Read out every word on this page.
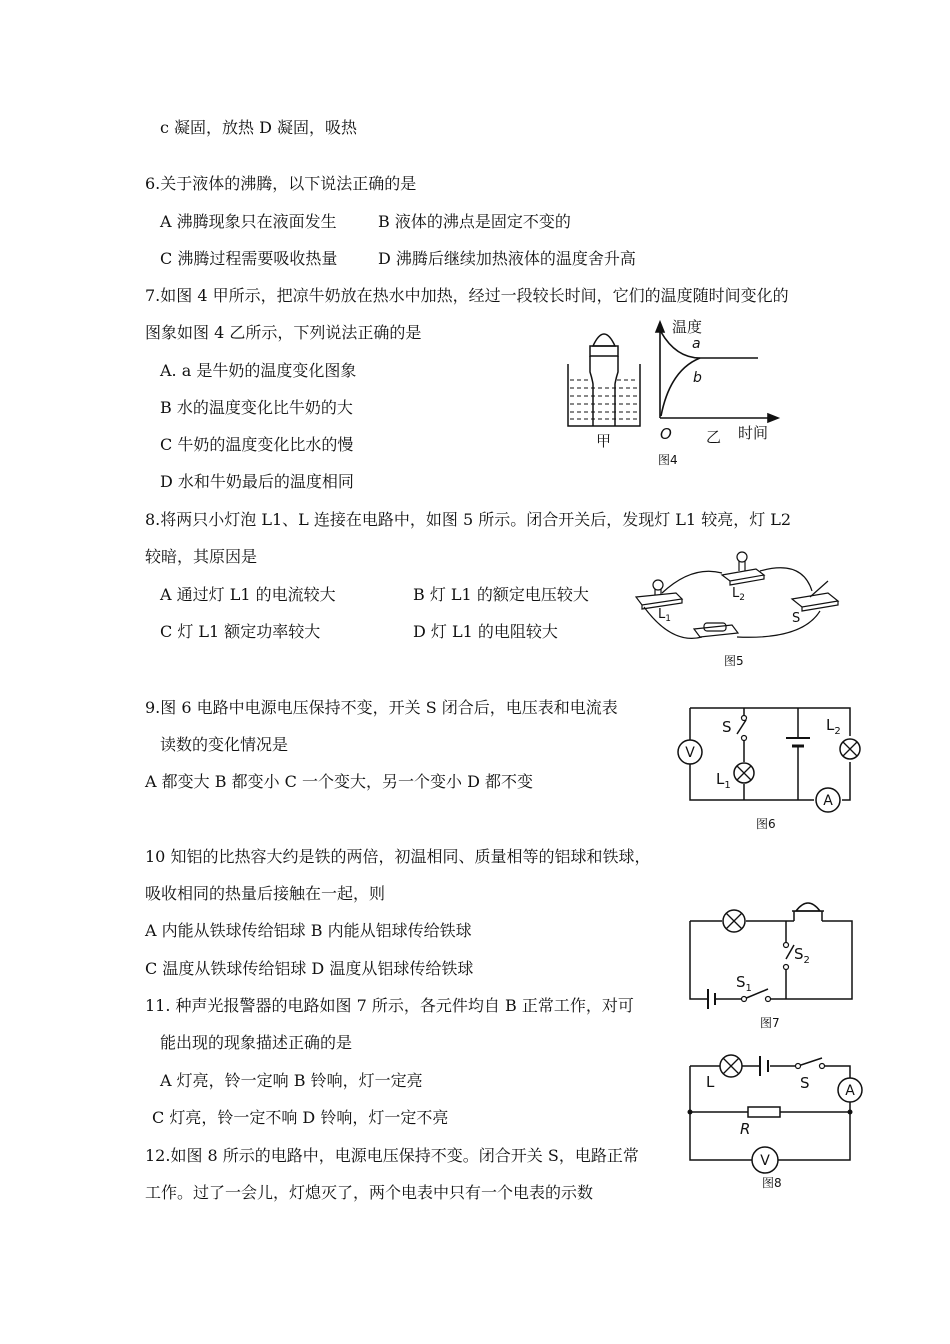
c 凝固，放热 D 凝固，吸热
6.关于液体的沸腾，以下说法正确的是
A 沸腾现象只在液面发生	B 液体的沸点是固定不变的
C 沸腾过程需要吸收热量	D 沸腾后继续加热液体的温度舍升高
7.如图 4 甲所示，把凉牛奶放在热水中加热，经过一段较长时间，它们的温度随时间变化的
图象如图 4 乙所示，下列说法正确的是
A. a 是牛奶的温度变化图象
B 水的温度变化比牛奶的大
C 牛奶的温度变化比水的慢
D 水和牛奶最后的温度相同
甲
温度
a
b
O 乙 时间
图4
8.将两只小灯泡 L1、L 连接在电路中，如图 5 所示。闭合开关后，发现灯 L1 较亮，灯 L2
较暗，其原因是
A 通过灯 L1 的电流较大	B 灯 L1 的额定电压较大
C 灯 L1 额定功率较大	D 灯 L1 的电阻较大
$L_1$
$L_2$
S
图5
9.图 6 电路中电源电压保持不变，开关 S 闭合后，电压表和电流表
读数的变化情况是
A 都变大 B 都变小 C 一个变大，另一个变小 D 都不变
V
A
S
$L_1$
$L_2$
图6
10 知铝的比热容大约是铁的两倍，初温相同、质量相等的铝球和铁球，
吸收相同的热量后接触在一起，则
A 内能从铁球传给铝球 B 内能从铝球传给铁球
C 温度从铁球传给铝球 D 温度从铝球传给铁球
$S_2$
$S_1$
图7
11. 种声光报警器的电路如图 7 所示，各元件均自 B 正常工作，对可
能出现的现象描述正确的是
A 灯亮，铃一定响 B 铃响，灯一定亮
C 灯亮，铃一定不响 D 铃响，灯一定不亮
A
V
L	S
R
图8
12.如图 8 所示的电路中，电源电压保持不变。闭合开关 S，电路正常
工作。过了一会儿，灯熄灭了，两个电表中只有一个电表的示数
